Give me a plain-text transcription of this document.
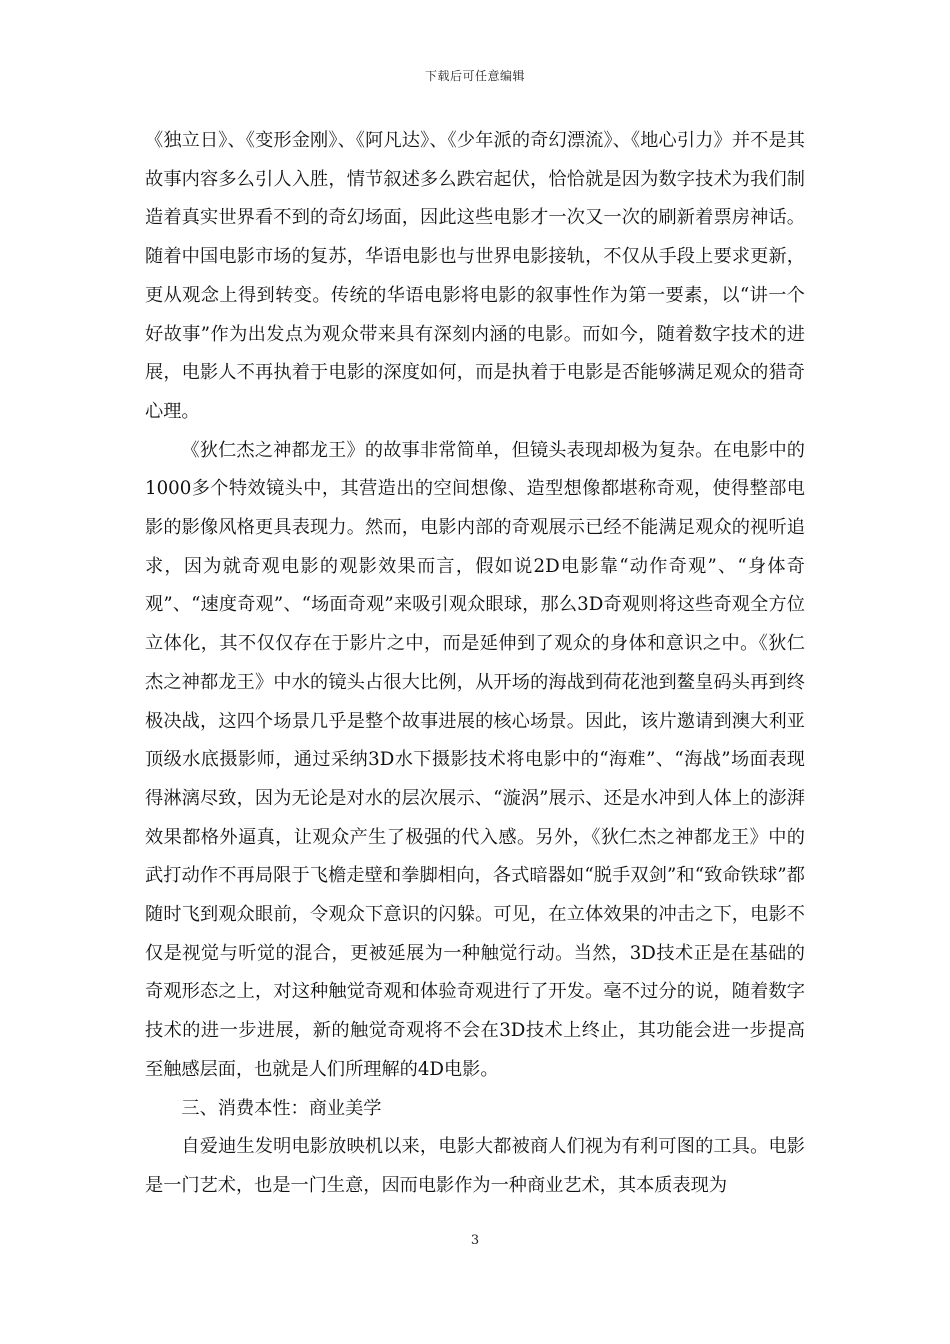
下载后可任意编辑

《独立日》、《变形金刚》、《阿凡达》、《少年派的奇幻漂流》、《地心引力》并不是其故事内容多么引人入胜，情节叙述多么跌宕起伏，恰恰就是因为数字技术为我们制造着真实世界看不到的奇幻场面，因此这些电影才一次又一次的刷新着票房神话。随着中国电影市场的复苏，华语电影也与世界电影接轨，不仅从手段上要求更新，更从观念上得到转变。传统的华语电影将电影的叙事性作为第一要素，以“讲一个好故事”作为出发点为观众带来具有深刻内涵的电影。而如今，随着数字技术的进展，电影人不再执着于电影的深度如何，而是执着于电影是否能够满足观众的猎奇心理。

《狄仁杰之神都龙王》的故事非常简单，但镜头表现却极为复杂。在电影中的1000多个特效镜头中，其营造出的空间想像、造型想像都堪称奇观，使得整部电影的影像风格更具表现力。然而，电影内部的奇观展示已经不能满足观众的视听追求，因为就奇观电影的观影效果而言，假如说2D电影靠“动作奇观”、“身体奇观”、“速度奇观”、“场面奇观”来吸引观众眼球，那么3D奇观则将这些奇观全方位立体化，其不仅仅存在于影片之中，而是延伸到了观众的身体和意识之中。《狄仁杰之神都龙王》中水的镜头占很大比例，从开场的海战到荷花池到鳌皇码头再到终极决战，这四个场景几乎是整个故事进展的核心场景。因此，该片邀请到澳大利亚顶级水底摄影师，通过采纳3D水下摄影技术将电影中的“海难”、“海战”场面表现得淋漓尽致，因为无论是对水的层次展示、“漩涡”展示、还是水冲到人体上的澎湃效果都格外逼真，让观众产生了极强的代入感。另外，《狄仁杰之神都龙王》中的武打动作不再局限于飞檐走壁和拳脚相向，各式暗器如“脱手双剑”和“致命铁球”都随时飞到观众眼前，令观众下意识的闪躲。可见，在立体效果的冲击之下，电影不仅是视觉与听觉的混合，更被延展为一种触觉行动。当然，3D技术正是在基础的奇观形态之上，对这种触觉奇观和体验奇观进行了开发。毫不过分的说，随着数字技术的进一步进展，新的触觉奇观将不会在3D技术上终止，其功能会进一步提高至触感层面，也就是人们所理解的4D电影。

三、消费本性：商业美学

自爱迪生发明电影放映机以来，电影大都被商人们视为有利可图的工具。电影是一门艺术，也是一门生意，因而电影作为一种商业艺术，其本质表现为

3
